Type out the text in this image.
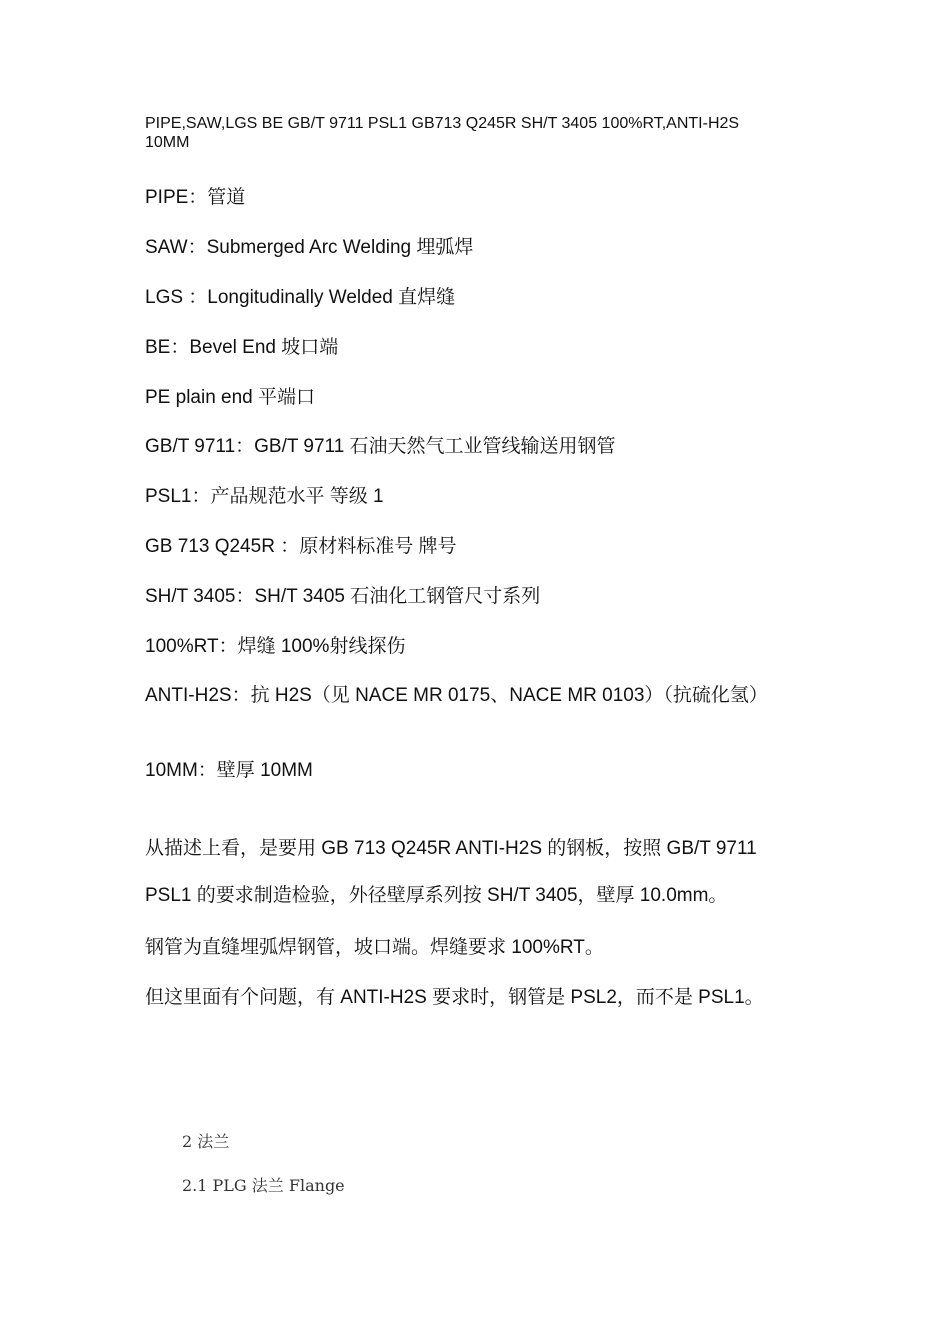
PIPE,SAW,LGS BE GB/T 9711 PSL1 GB713 Q245R SH/T 3405 100%RT,ANTI-H2S
10MM
PIPE：管道
SAW：Submerged Arc Welding 埋弧焊
LGS ：Longitudinally Welded 直焊缝
BE：Bevel End 坡口端
PE plain end 平端口
GB/T 9711：GB/T 9711 石油天然气工业管线输送用钢管
PSL1：产品规范水平 等级 1
GB 713 Q245R ：原材料标准号 牌号
SH/T 3405：SH/T 3405 石油化工钢管尺寸系列
100%RT：焊缝 100%射线探伤
ANTI-H2S：抗 H2S（见 NACE MR 0175、NACE MR 0103）（抗硫化氢）
10MM：壁厚 10MM
从描述上看，是要用 GB 713 Q245R ANTI-H2S 的钢板，按照 GB/T 9711
PSL1 的要求制造检验，外径壁厚系列按 SH/T 3405，壁厚 10.0mm。
钢管为直缝埋弧焊钢管，坡口端。焊缝要求 100%RT。
但这里面有个问题，有 ANTI-H2S 要求时，钢管是 PSL2，而不是 PSL1。
2 法兰
2.1 PLG 法兰 Flange
